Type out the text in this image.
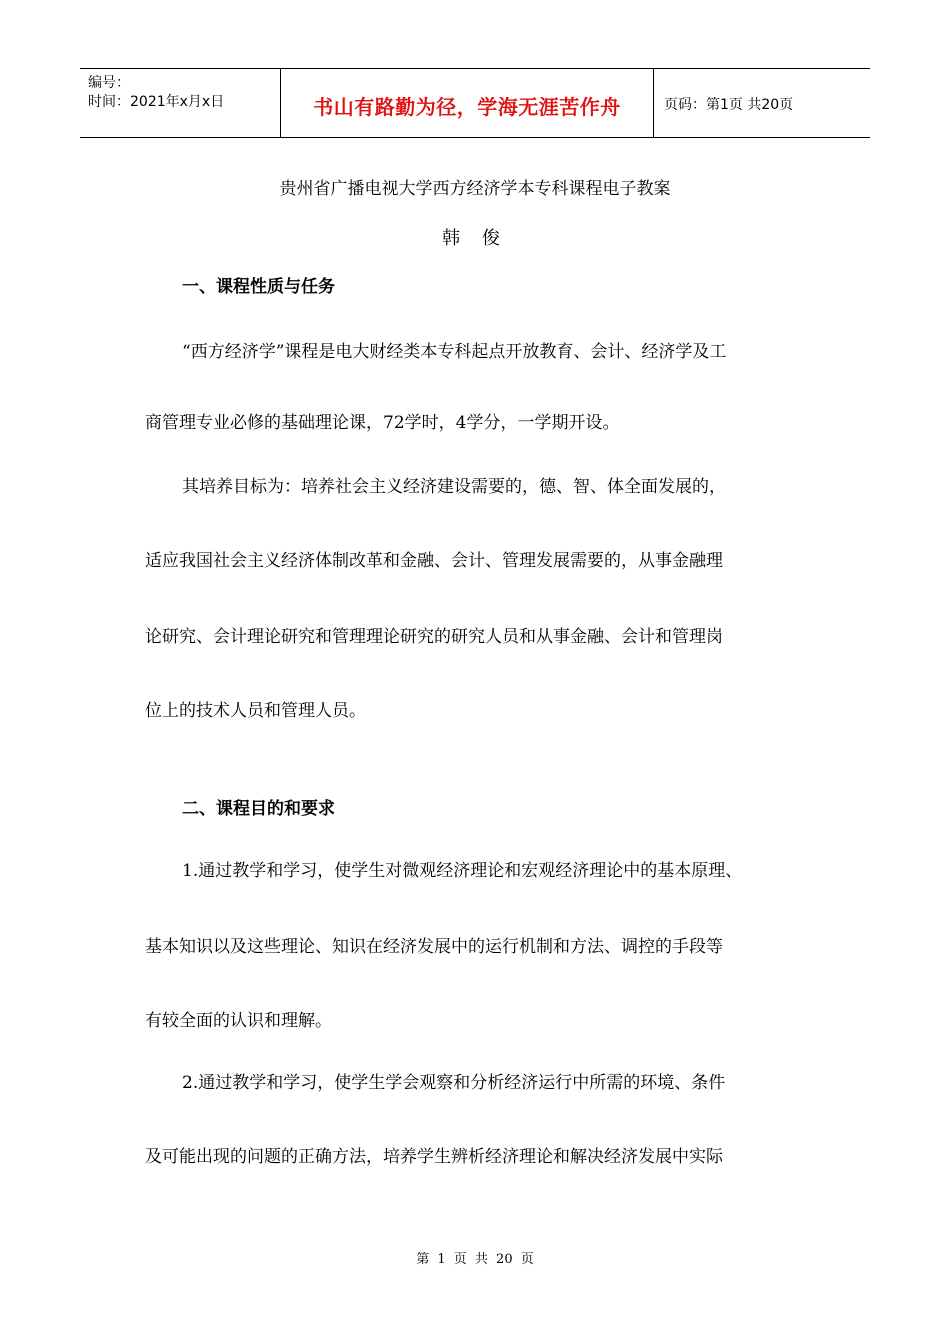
编号：
时间：2021年x月x日	书山有路勤为径，学海无涯苦作舟	页码：第1页 共20页
贵州省广播电视大学西方经济学本专科课程电子教案
韩 俊
一、课程性质与任务
“西方经济学”课程是电大财经类本专科起点开放教育、会计、经济学及工
商管理专业必修的基础理论课，72学时，4学分，一学期开设。
其培养目标为：培养社会主义经济建设需要的，德、智、体全面发展的，
适应我国社会主义经济体制改革和金融、会计、管理发展需要的，从事金融理
论研究、会计理论研究和管理理论研究的研究人员和从事金融、会计和管理岗
位上的技术人员和管理人员。
二、课程目的和要求
1.通过教学和学习，使学生对微观经济理论和宏观经济理论中的基本原理、
基本知识以及这些理论、知识在经济发展中的运行机制和方法、调控的手段等
有较全面的认识和理解。
2.通过教学和学习，使学生学会观察和分析经济运行中所需的环境、条件
及可能出现的问题的正确方法，培养学生辨析经济理论和解决经济发展中实际
第 1 页 共 20 页
